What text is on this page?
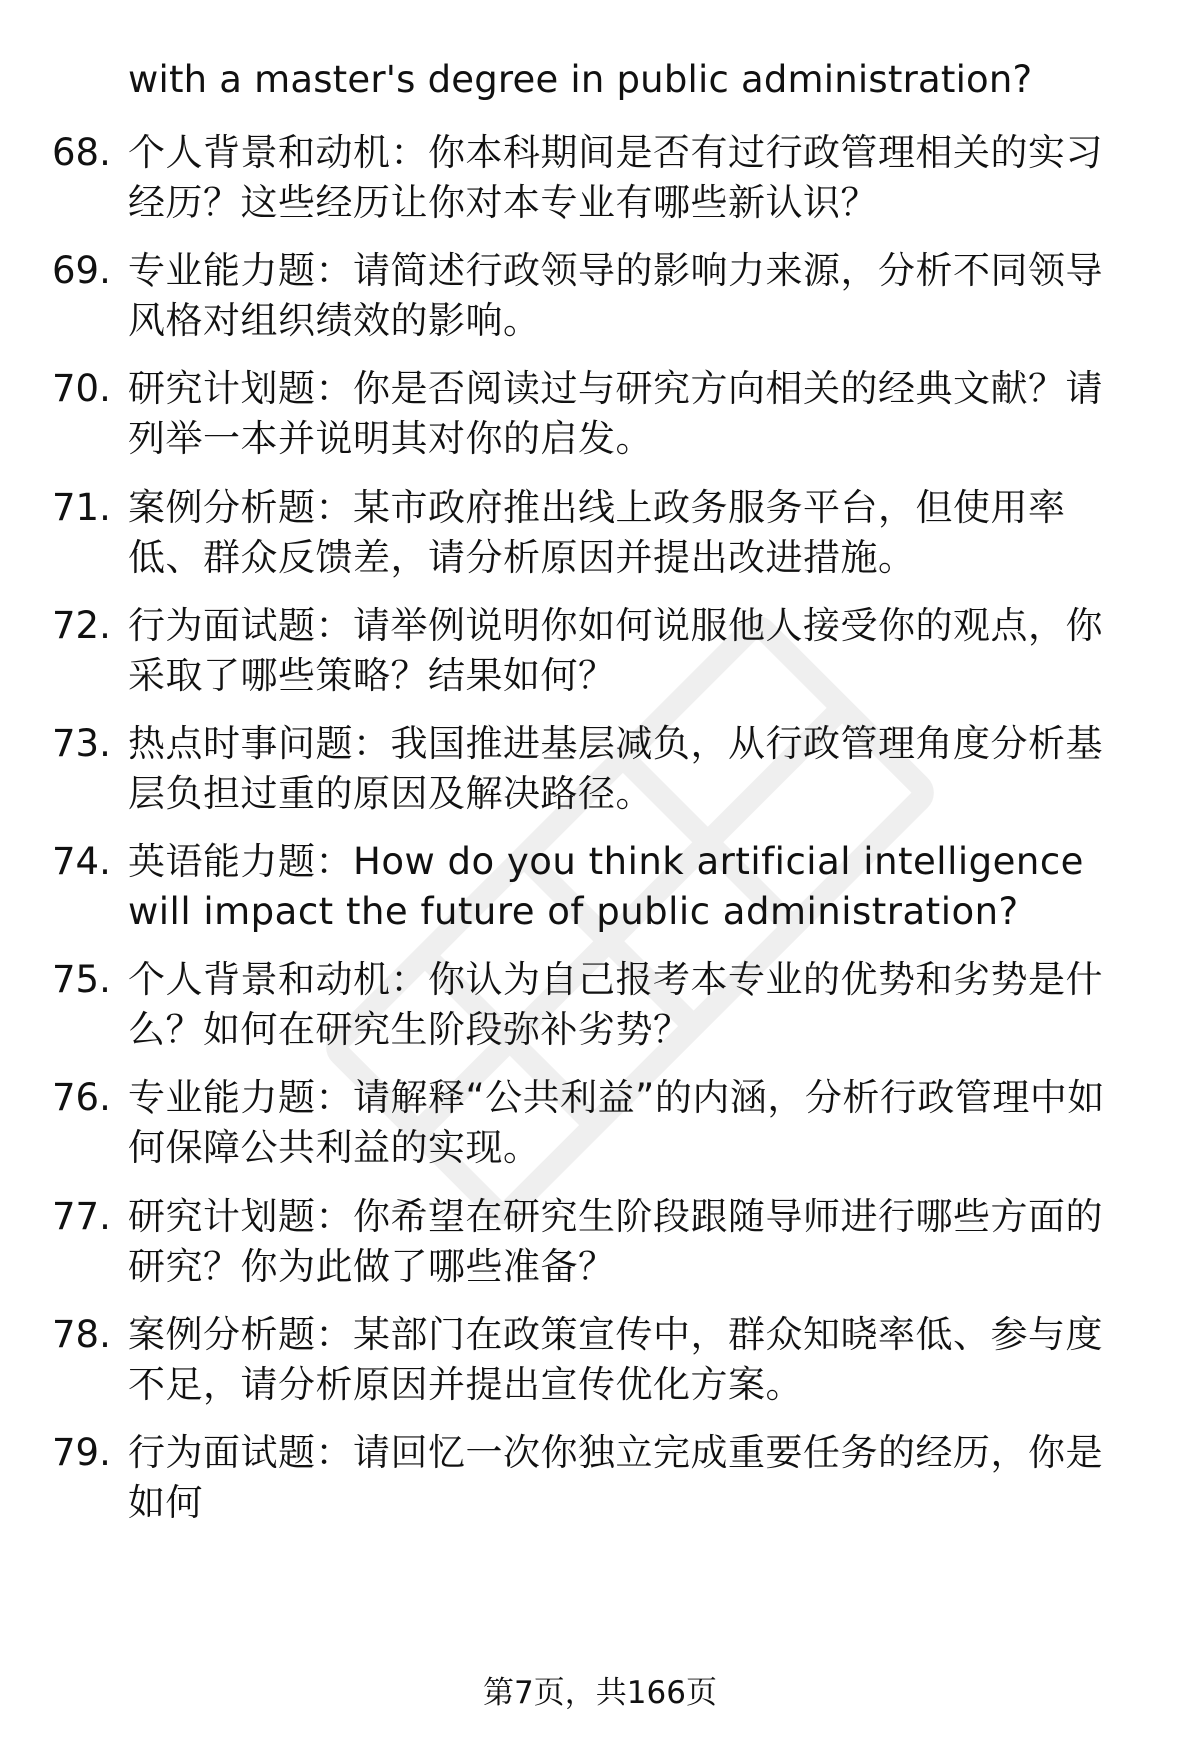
with a master's degree in public administration?
68. 个人背景和动机：你本科期间是否有过行政管理相关的实习经历？这些经历让你对本专业有哪些新认识？
69. 专业能力题：请简述行政领导的影响力来源，分析不同领导风格对组织绩效的影响。
70. 研究计划题：你是否阅读过与研究方向相关的经典文献？请列举一本并说明其对你的启发。
71. 案例分析题：某市政府推出线上政务服务平台，但使用率低、群众反馈差，请分析原因并提出改进措施。
72. 行为面试题：请举例说明你如何说服他人接受你的观点，你采取了哪些策略？结果如何？
73. 热点时事问题：我国推进基层减负，从行政管理角度分析基层负担过重的原因及解决路径。
74. 英语能力题：How do you think artificial intelligence will impact the future of public administration?
75. 个人背景和动机：你认为自己报考本专业的优势和劣势是什么？如何在研究生阶段弥补劣势？
76. 专业能力题：请解释“公共利益”的内涵，分析行政管理中如何保障公共利益的实现。
77. 研究计划题：你希望在研究生阶段跟随导师进行哪些方面的研究？你为此做了哪些准备？
78. 案例分析题：某部门在政策宣传中，群众知晓率低、参与度不足，请分析原因并提出宣传优化方案。
79. 行为面试题：请回忆一次你独立完成重要任务的经历，你是如何
第7页，共166页
